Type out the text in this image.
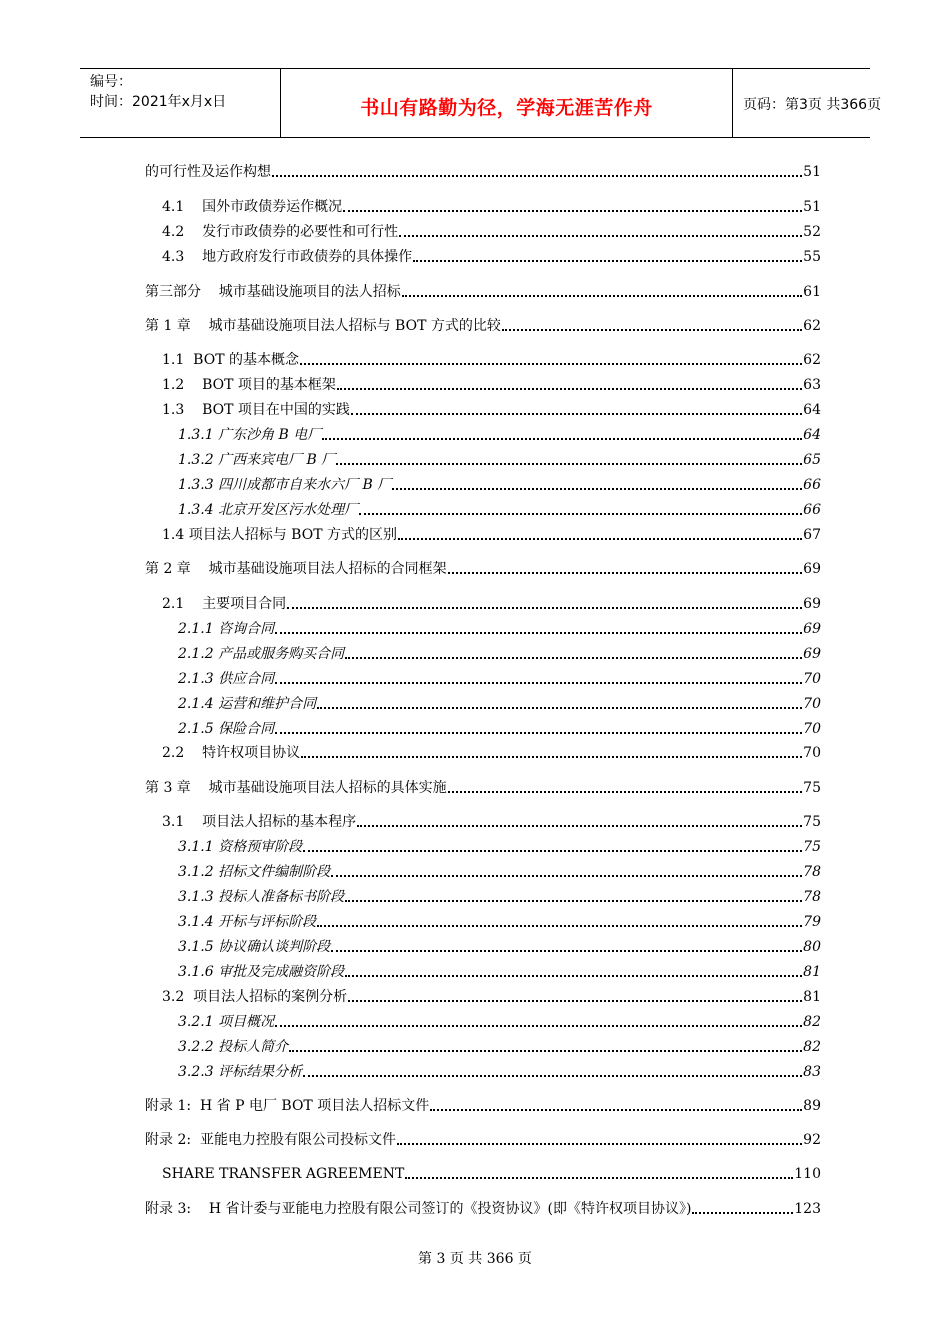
编号：
时间：2021年x月x日	书山有路勤为径，学海无涯苦作舟	页码：第3页 共366页
的可行性及运作构想	51
4.1    国外市政债券运作概况	51
4.2    发行市政债券的必要性和可行性	52
4.3    地方政府发行市政债券的具体操作	55
第三部分    城市基础设施项目的法人招标	61
第 1 章    城市基础设施项目法人招标与 BOT 方式的比较	62
1.1  BOT 的基本概念	62
1.2    BOT 项目的基本框架	63
1.3    BOT 项目在中国的实践	64
1.3.1 广东沙角 B 电厂	64
1.3.2 广西来宾电厂 B 厂	65
1.3.3 四川成都市自来水六厂 B 厂	66
1.3.4 北京开发区污水处理厂	66
1.4 项目法人招标与 BOT 方式的区别	67
第 2 章    城市基础设施项目法人招标的合同框架	69
2.1    主要项目合同	69
2.1.1 咨询合同	69
2.1.2 产品或服务购买合同	69
2.1.3 供应合同	70
2.1.4 运营和维护合同	70
2.1.5 保险合同	70
2.2    特许权项目协议	70
第 3 章    城市基础设施项目法人招标的具体实施	75
3.1    项目法人招标的基本程序	75
3.1.1 资格预审阶段	75
3.1.2 招标文件编制阶段	78
3.1.3 投标人准备标书阶段	78
3.1.4 开标与评标阶段	79
3.1.5 协议确认谈判阶段	80
3.1.6 审批及完成融资阶段	81
3.2  项目法人招标的案例分析	81
3.2.1 项目概况	82
3.2.2 投标人简介	82
3.2.3 评标结果分析	83
附录 1:  H 省 P 电厂 BOT 项目法人招标文件	89
附录 2:  亚能电力控股有限公司投标文件	92
SHARE TRANSFER AGREEMENT	110
附录 3:    H 省计委与亚能电力控股有限公司签订的《投资协议》(即《特许权项目协议》)	123
第 3 页 共 366 页
